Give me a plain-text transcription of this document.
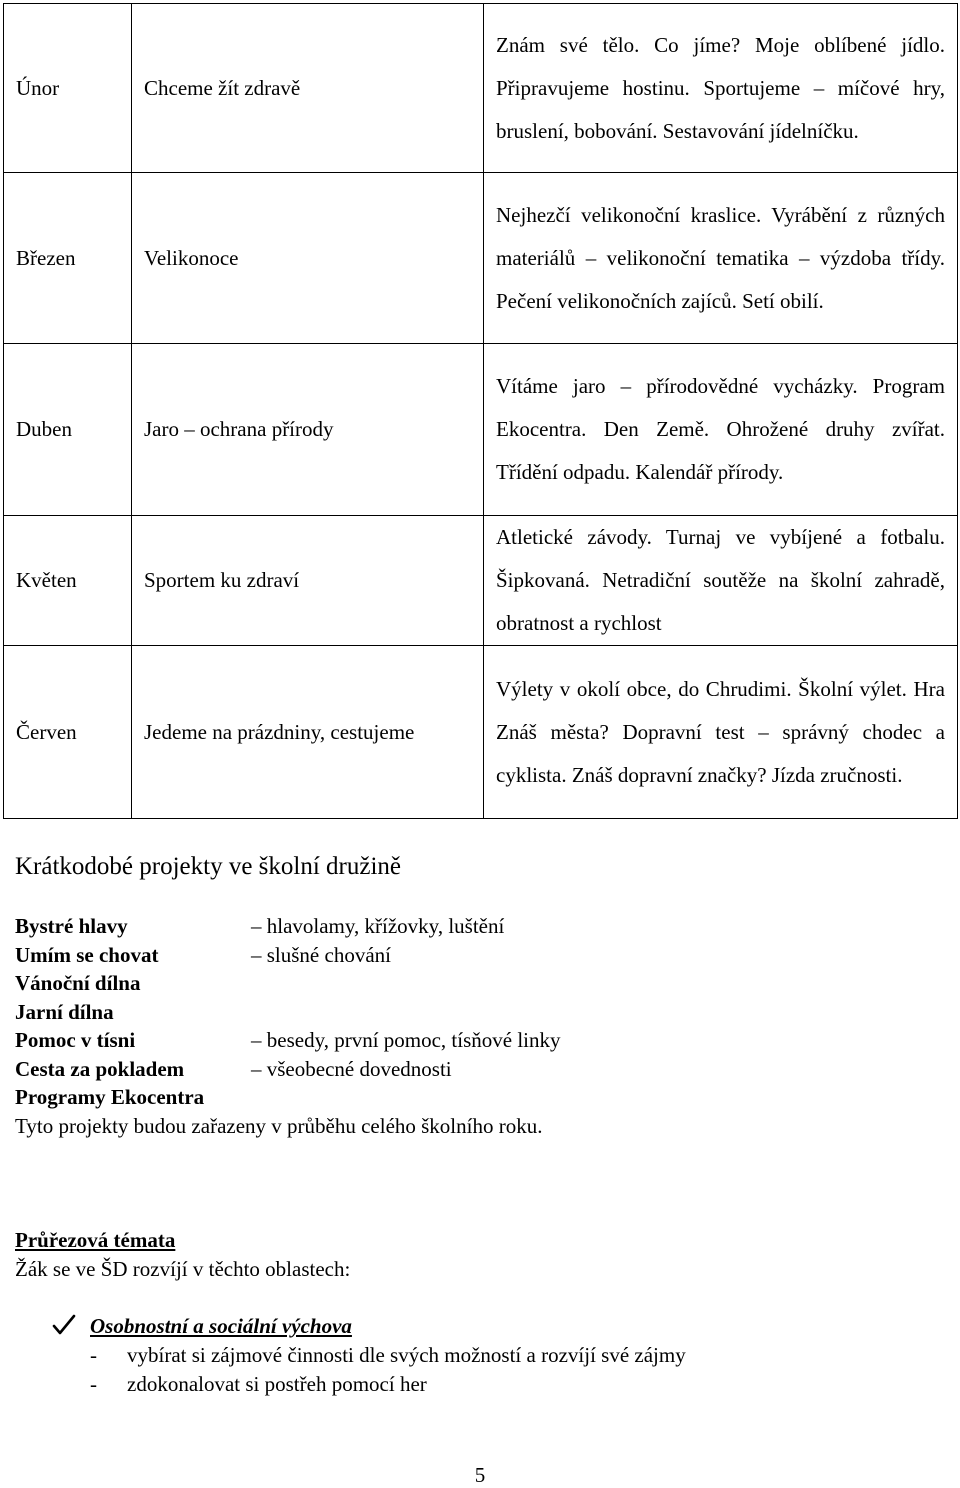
Únor	Chceme žít zdravě	Znám své tělo. Co jíme? Moje oblíbené jídlo. Připravujeme hostinu. Sportujeme – míčové hry, bruslení, bobování. Sestavování jídelníčku.
Březen	Velikonoce	Nejhezčí velikonoční kraslice. Vyrábění z různých materiálů – velikonoční tematika – výzdoba třídy. Pečení velikonočních zajíců. Setí obilí.
Duben	Jaro – ochrana přírody	Vítáme jaro – přírodovědné vycházky. Program Ekocentra. Den Země. Ohrožené druhy zvířat. Třídění odpadu. Kalendář přírody.
Květen	Sportem ku zdraví	Atletické závody. Turnaj ve vybíjené a fotbalu. Šipkovaná. Netradiční soutěže na školní zahradě, obratnost a rychlost
Červen	Jedeme na prázdniny, cestujeme	Výlety v okolí obce, do Chrudimi. Školní výlet. Hra Znáš města? Dopravní test – správný chodec a cyklista. Znáš dopravní značky? Jízda zručnosti.
Krátkodobé projekty ve školní družině
Bystré hlavy	– hlavolamy, křížovky, luštění
Umím se chovat	– slušné chování
Vánoční dílna
Jarní dílna
Pomoc v tísni	– besedy, první pomoc, tísňové linky
Cesta za pokladem	– všeobecné dovednosti
Programy Ekocentra
Tyto projekty budou zařazeny v průběhu celého školního roku.
Průřezová témata
Žák se ve ŠD rozvíjí v těchto oblastech:
Osobnostní a sociální výchova
- vybírat si zájmové činnosti dle svých možností a rozvíjí své zájmy
- zdokonalovat si postřeh pomocí her
5
